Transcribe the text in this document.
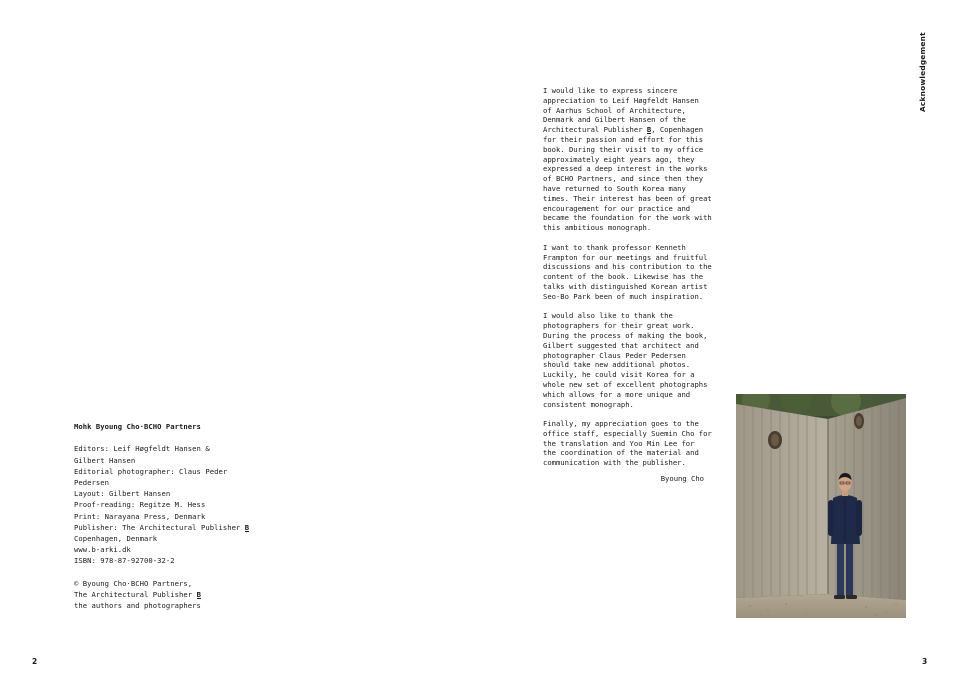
Mohk Byoung Cho·BCHO Partners
Editors: Leif Høgfeldt Hansen &
Gilbert Hansen
Editorial photographer: Claus Peder
Pedersen
Layout: Gilbert Hansen
Proof-reading: Regitze M. Hess
Print: Narayana Press, Denmark
Publisher: The Architectural Publisher B
Copenhagen, Denmark
www.b-arki.dk
ISBN: 978-87-92700-32-2
© Byoung Cho·BCHO Partners,
The Architectural Publisher B
the authors and photographers
2
Acknowledgement
I would like to express sincere
appreciation to Leif Høgfeldt Hansen
of Aarhus School of Architecture,
Denmark and Gilbert Hansen of the
Architectural Publisher B, Copenhagen
for their passion and effort for this
book. During their visit to my office
approximately eight years ago, they
expressed a deep interest in the works
of BCHO Partners, and since then they
have returned to South Korea many
times. Their interest has been of great
encouragement for our practice and
became the foundation for the work with
this ambitious monograph.
I want to thank professor Kenneth
Frampton for our meetings and fruitful
discussions and his contribution to the
content of the book. Likewise has the
talks with distinguished Korean artist
Seo-Bo Park been of much inspiration.
I would also like to thank the
photographers for their great work.
During the process of making the book,
Gilbert suggested that architect and
photographer Claus Peder Pedersen
should take new additional photos.
Luckily, he could visit Korea for a
whole new set of excellent photographs
which allows for a more unique and
consistent monograph.
Finally, my appreciation goes to the
office staff, especially Suemin Cho for
the translation and Yoo Min Lee for
the coordination of the material and
communication with the publisher.
Byoung Cho
3
